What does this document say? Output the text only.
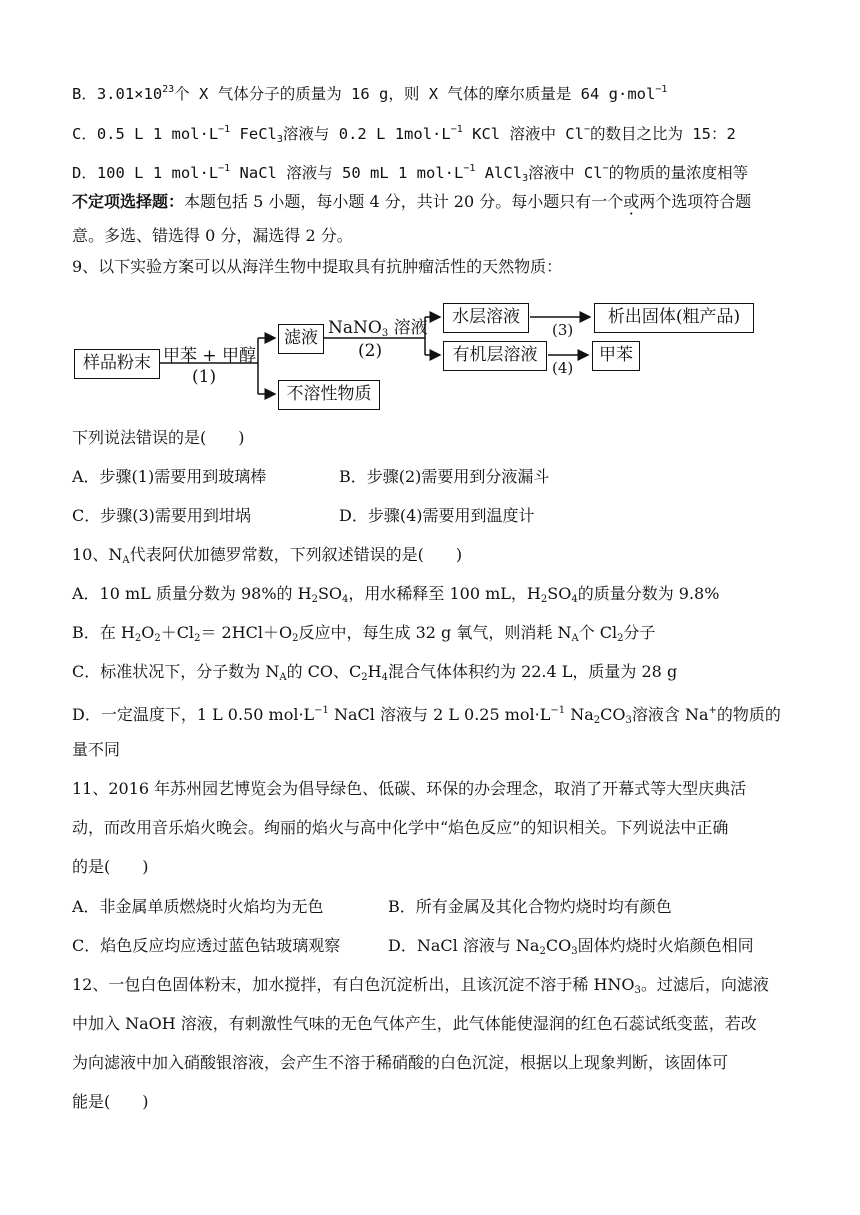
B．$3.01\times 10^{23}$个 X 气体分子的质量为 16 g，则 X 气体的摩尔质量是 64 g·mol$^{-1}$
C．0.5 L 1 $mol\cdot L^{-1}$ FeCl$_3$溶液与 0.2 L $1mol\cdot L^{-1}$ KCl 溶液中 Cl−的数目之比为 15：2
D．100 L 1 $mol\cdot L^{-1}$ NaCl 溶液与 50 mL 1 $mol\cdot L^{-1}$ AlCl$_3$溶液中 Cl−的物质的量浓度相等
不定项选择题：本题包括 5 小题，每小题 4 分，共计 20 分。每小题只有一个或两个 ·选项符合题
意。多选、错选得 0 分，漏选得 2 分。
9、以下实验方案可以从海洋生物中提取具有抗肿瘤活性的天然物质：
样品粉末 甲苯 + 甲醇
(1)
滤液
不溶性物质
NaNO$_3$ 溶液
(2)
水层溶液
有机层溶液
(3)
(4)
析出固体(粗产品)
甲苯
下列说法错误的是(　　)
A．步骤(1)需要用到玻璃棒	B．步骤(2)需要用到分液漏斗
C．步骤(3)需要用到坩埚	D．步骤(4)需要用到温度计
10、$N_A$代表阿伏加德罗常数，下列叙述错误的是(　　)
A．10 mL 质量分数为 98%的 $H_2SO_4$，用水稀释至 100 mL，$H_2SO_4$的质量分数为 9.8%
B．在 $H_2O_2+Cl_2= 2HCl+O_2$反应中，每生成 32 g 氧气，则消耗 $N_A$个 $Cl_2$分子
C．标准状况下，分子数为 $N_A$的 CO、$C_2H_4$混合气体体积约为 22.4 L，质量为 28 g
D．一定温度下，1 L 0.50 $mol\cdot L^{-1}$ NaCl 溶液与 2 L 0.25 $mol\cdot L^{-1}$ $Na_2CO_3$溶液含 Na+的物质的
量不同
11、2016 年苏州园艺博览会为倡导绿色、低碳、环保的办会理念，取消了开幕式等大型庆典活
动，而改用音乐焰火晚会。绚丽的焰火与高中化学中“焰色反应”的知识相关。下列说法中正确
的是(　　)
A．非金属单质燃烧时火焰均为无色	B．所有金属及其化合物灼烧时均有颜色
C．焰色反应均应透过蓝色钴玻璃观察	D．NaCl 溶液与 $Na_2CO_3$固体灼烧时火焰颜色相同
12、一包白色固体粉末，加水搅拌，有白色沉淀析出，且该沉淀不溶于稀 $HNO_3$。过滤后，向滤液
中加入 NaOH 溶液，有刺激性气味的无色气体产生，此气体能使湿润的红色石蕊试纸变蓝，若改
为向滤液中加入硝酸银溶液，会产生不溶于稀硝酸的白色沉淀，根据以上现象判断，该固体可
能是(　　)
